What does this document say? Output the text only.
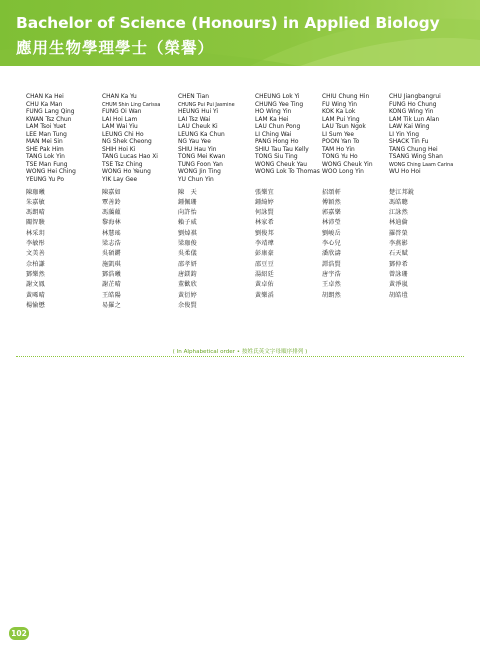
Bachelor of Science (Honours) in Applied Biology
應用生物學理學士（榮譽）
CHAN Ka Hei
CHU Ka Man
FUNG Lang Qing
KWAN Tsz Chun
LAM Tsoi Yuet
LEE Man Tung
MAN Mei Sin
SHE Pak Him
TANG Lok Yin
TSE Man Fung
WONG Hei Ching
YEUNG Yu Po
陳珈曦
朱嘉敏
馮朗晴
關智駿
林采玥
李敏彤
文美善
佘柏謙
鄧樂然
謝文鳳
黃晞晴
楊愉懋
CHAN Ka Yu
CHUM Shin Ling Carissa
FUNG Oi Wan
LAI Hoi Lam
LAM Wai Yiu
LEUNG Chi Ho
NG Shek Cheong
SHIH Hoi Ki
TANG Lucas Hao Xi
TSE Tsz Ching
WONG Ho Yeung
YIK Lay Gee
陳嘉如
覃善鈴
馮藹蘊
黎海林
林慧瑤
梁志浩
吳碩鏘
施凱琪
鄧浩曦
謝芷晴
王皓陽
易羅之
CHEN Tian
CHUNG Pui Pui Jasmine
HEUNG Hui Yi
LAI Tsz Wai
LAU Cheuk Ki
LEUNG Ka Chun
NG Yau Yee
SHIU Hau Yin
TONG Mei Kwan
TUNG Foon Yan
WONG Jin Ting
YU Chun Yin
陳　天
鍾佩珊
向許怡
賴子威
劉焯祺
梁珈俊
吳柔儀
邵孝妍
唐鎂鈞
董歡欣
黃衍婷
余俊賢
CHEUNG Lok Yi
CHUNG Yee Ting
HO Wing Yin
LAM Ka Hei
LAU Chun Pong
LI Ching Wai
PANG Hong Ho
SHIU Tau Tau Kelly
TONG Siu Ting
WONG Cheuk Yau
WONG Lok To Thomas
張樂宜
鍾綺婷
何詠賢
林家希
劉俊邦
李靖瑋
彭康豪
邵豆豆
湯紹廷
黃卓佑
黃樂滔
CHIU Chung Hin
FU Wing Yin
KOK Ka Lok
LAM Pui Ying
LAU Tsun Ngok
LI Sum Yee
POON Yan To
TAM Ho Yin
TONG Yu Ho
WONG Cheuk Yin
WOO Long Yin
招頌軒
傅穎然
郭嘉樂
林沛瑩
劉峻岳
李心兒
潘欣濤
譚浩賢
唐宇浩
王卓然
胡朗然
CHU Jiangbangrui
FUNG Ho Chung
KONG Wing Yin
LAM Tik Lun Alan
LAW Kai Wing
LI Yin Ying
SHACK Tin Fu
TANG Chung Hei
TSANG Wing Shan
WONG Ching Laam Carina
WU Ho Hoi
楚江邦銳
馮皓聰
江詠然
林迪倫
羅啓榮
李燕影
石天賦
鄧仲希
曾詠珊
黃淨嵐
胡皓塏
( In Alphabetical order • 按姓氏英文字母順序排列 )
102
